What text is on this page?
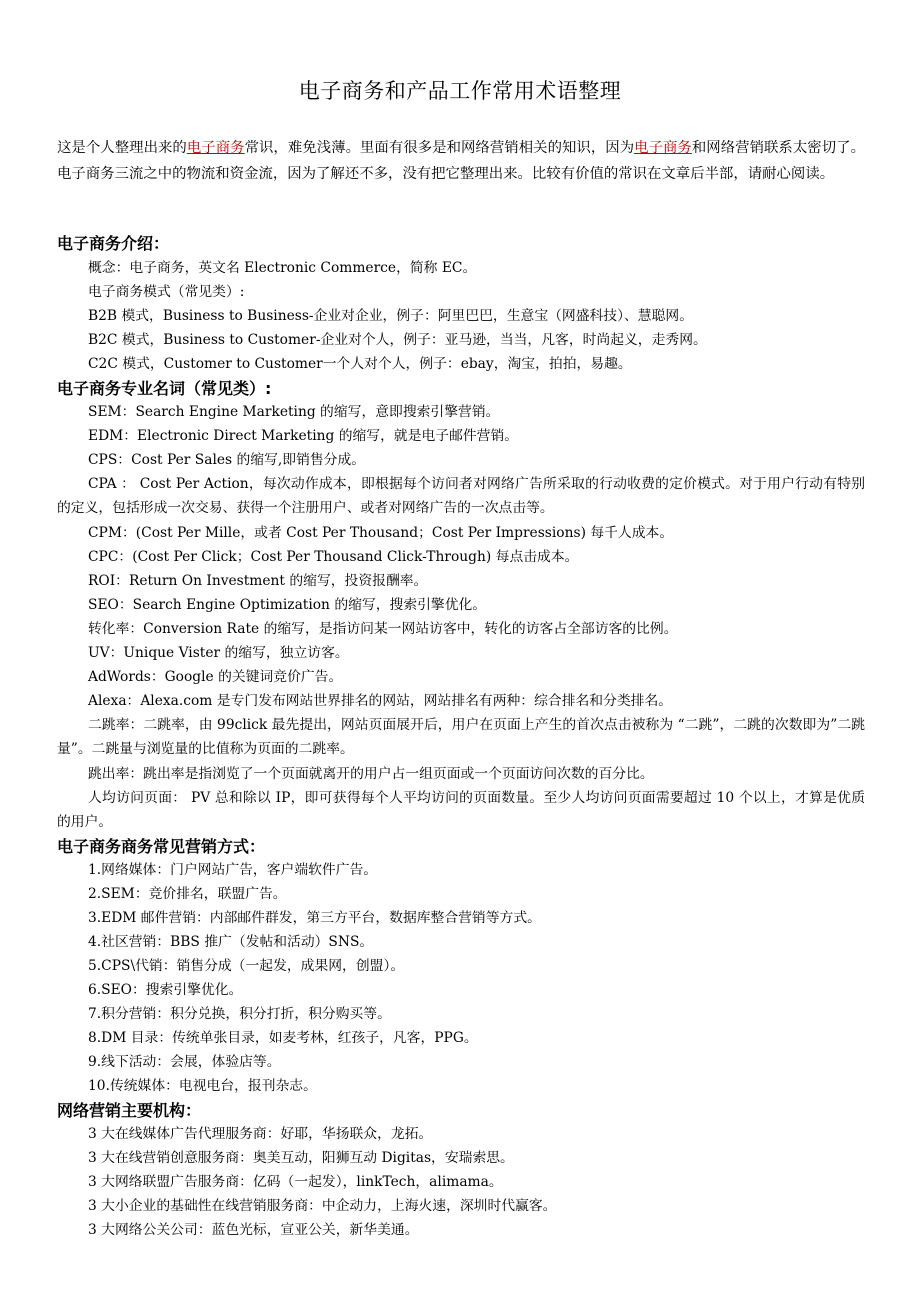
电子商务和产品工作常用术语整理
这是个人整理出来的电子商务常识，难免浅薄。里面有很多是和网络营销相关的知识，因为电子商务和网络营销联系太密切了。电子商务三流之中的物流和资金流，因为了解还不多，没有把它整理出来。比较有价值的常识在文章后半部，请耐心阅读。
电子商务介绍：
概念：电子商务，英文名 Electronic Commerce，简称 EC。
电子商务模式（常见类）:
B2B 模式，Business to Business-企业对企业，例子：阿里巴巴，生意宝（网盛科技）、慧聪网。
B2C 模式，Business to Customer-企业对个人，例子：亚马逊，当当，凡客，时尚起义，走秀网。
C2C 模式，Customer to Customer一个人对个人，例子：ebay，淘宝，拍拍，易趣。
电子商务专业名词（常见类）:
SEM：Search Engine Marketing 的缩写，意即搜索引擎营销。
EDM：Electronic Direct Marketing 的缩写，就是电子邮件营销。
CPS：Cost Per Sales 的缩写,即销售分成。
CPA ： Cost Per Action，每次动作成本，即根据每个访问者对网络广告所采取的行动收费的定价模式。对于用户行动有特别的定义，包括形成一次交易、获得一个注册用户、或者对网络广告的一次点击等。
CPM：(Cost Per Mille，或者 Cost Per Thousand；Cost Per Impressions) 每千人成本。
CPC：(Cost Per Click；Cost Per Thousand Click-Through) 每点击成本。
ROI：Return On Investment 的缩写，投资报酬率。
SEO：Search Engine Optimization 的缩写，搜索引擎优化。
转化率：Conversion Rate 的缩写，是指访问某一网站访客中，转化的访客占全部访客的比例。
UV：Unique Vister 的缩写，独立访客。
AdWords：Google 的关键词竞价广告。
Alexa：Alexa.com 是专门发布网站世界排名的网站，网站排名有两种：综合排名和分类排名。
二跳率：二跳率，由 99click 最先提出，网站页面展开后，用户在页面上产生的首次点击被称为 “二跳”，二跳的次数即为”二跳量”。二跳量与浏览量的比值称为页面的二跳率。
跳出率：跳出率是指浏览了一个页面就离开的用户占一组页面或一个页面访问次数的百分比。
人均访问页面： PV 总和除以 IP，即可获得每个人平均访问的页面数量。至少人均访问页面需要超过 10 个以上，才算是优质的用户。
电子商务商务常见营销方式：
1.网络媒体：门户网站广告，客户端软件广告。
2.SEM：竞价排名，联盟广告。
3.EDM 邮件营销：内部邮件群发，第三方平台，数据库整合营销等方式。
4.社区营销：BBS 推广（发帖和活动）SNS。
5.CPS\代销：销售分成（一起发，成果网，创盟）。
6.SEO：搜索引擎优化。
7.积分营销：积分兑换，积分打折，积分购买等。
8.DM 目录：传统单张目录，如麦考林，红孩子，凡客，PPG。
9.线下活动：会展，体验店等。
10.传统媒体：电视电台，报刊杂志。
网络营销主要机构：
3 大在线媒体广告代理服务商：好耶，华扬联众，龙拓。
3 大在线营销创意服务商：奥美互动，阳狮互动 Digitas，安瑞索思。
3 大网络联盟广告服务商：亿码（一起发），linkTech，alimama。
3 大小企业的基础性在线营销服务商：中企动力，上海火速，深圳时代赢客。
3 大网络公关公司：蓝色光标，宣亚公关，新华美通。
